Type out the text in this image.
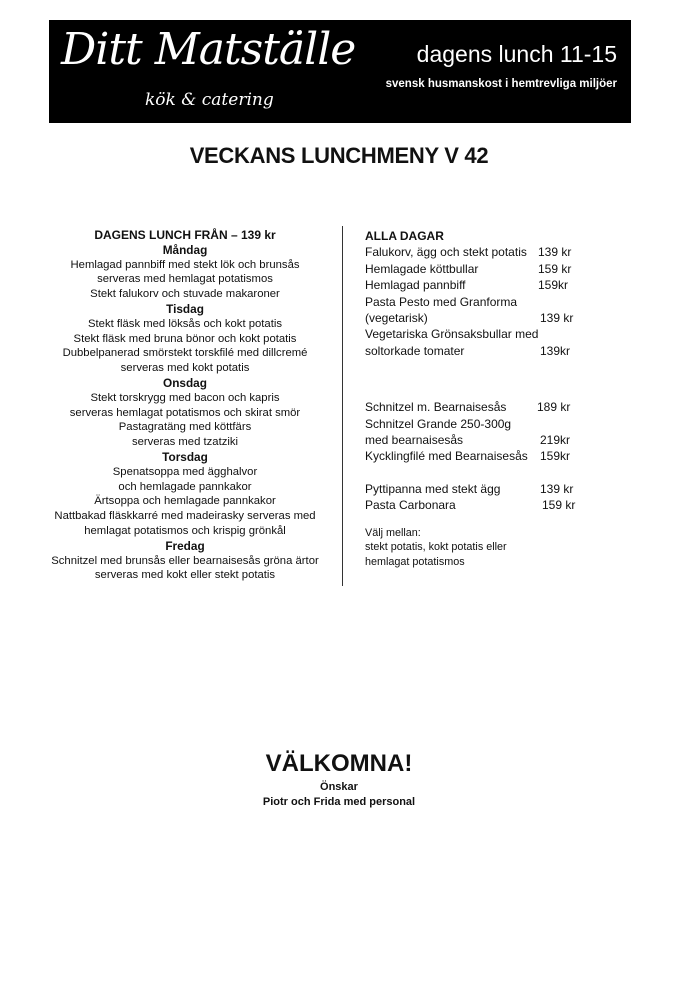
Ditt Matställe
kök & catering
dagens lunch 11-15
svensk husmanskost i hemtrevliga miljöer
VECKANS LUNCHMENY V 42
DAGENS LUNCH FRÅN – 139 kr
Måndag
Hemlagad pannbiff med stekt lök och brunsås
serveras med hemlagat potatismos
Stekt falukorv och stuvade makaroner
Tisdag
Stekt fläsk med löksås och kokt potatis
Stekt fläsk med bruna bönor och kokt potatis
Dubbelpanerad smörstekt torskfilé med dillcremé
serveras med kokt potatis
Onsdag
Stekt torskrygg med bacon och kapris
serveras hemlagat potatismos och skirat smör
Pastagratäng med köttfärs
serveras med tzatziki
Torsdag
Spenatsoppa med ägghalvor
och hemlagade pannkakor
Ärtsoppa och hemlagade pannkakor
Nattbakad fläskkarré med madeirasky serveras med
hemlagat potatismos och krispig grönkål
Fredag
Schnitzel med brunsås eller bearnaisesås gröna ärtor
serveras med kokt eller stekt potatis
ALLA DAGAR
Falukorv, ägg och stekt potatis 139 kr
Hemlagade köttbullar	159 kr
Hemlagad pannbiff	159kr
Pasta Pesto med Granforma
(vegetarisk)	139 kr
Vegetariska Grönsaksbullar med
soltorkade tomater	139kr
Schnitzel m. Bearnaisesås	189 kr
Schnitzel Grande 250-300g
med bearnaisesås	219kr
Kycklingfilé med Bearnaisesås 159kr
Pyttipanna med stekt ägg	139 kr
Pasta Carbonara	159 kr
Välj mellan:
stekt potatis, kokt potatis eller
hemlagat potatismos
VÄLKOMNA!
Önskar
Piotr och Frida med personal
